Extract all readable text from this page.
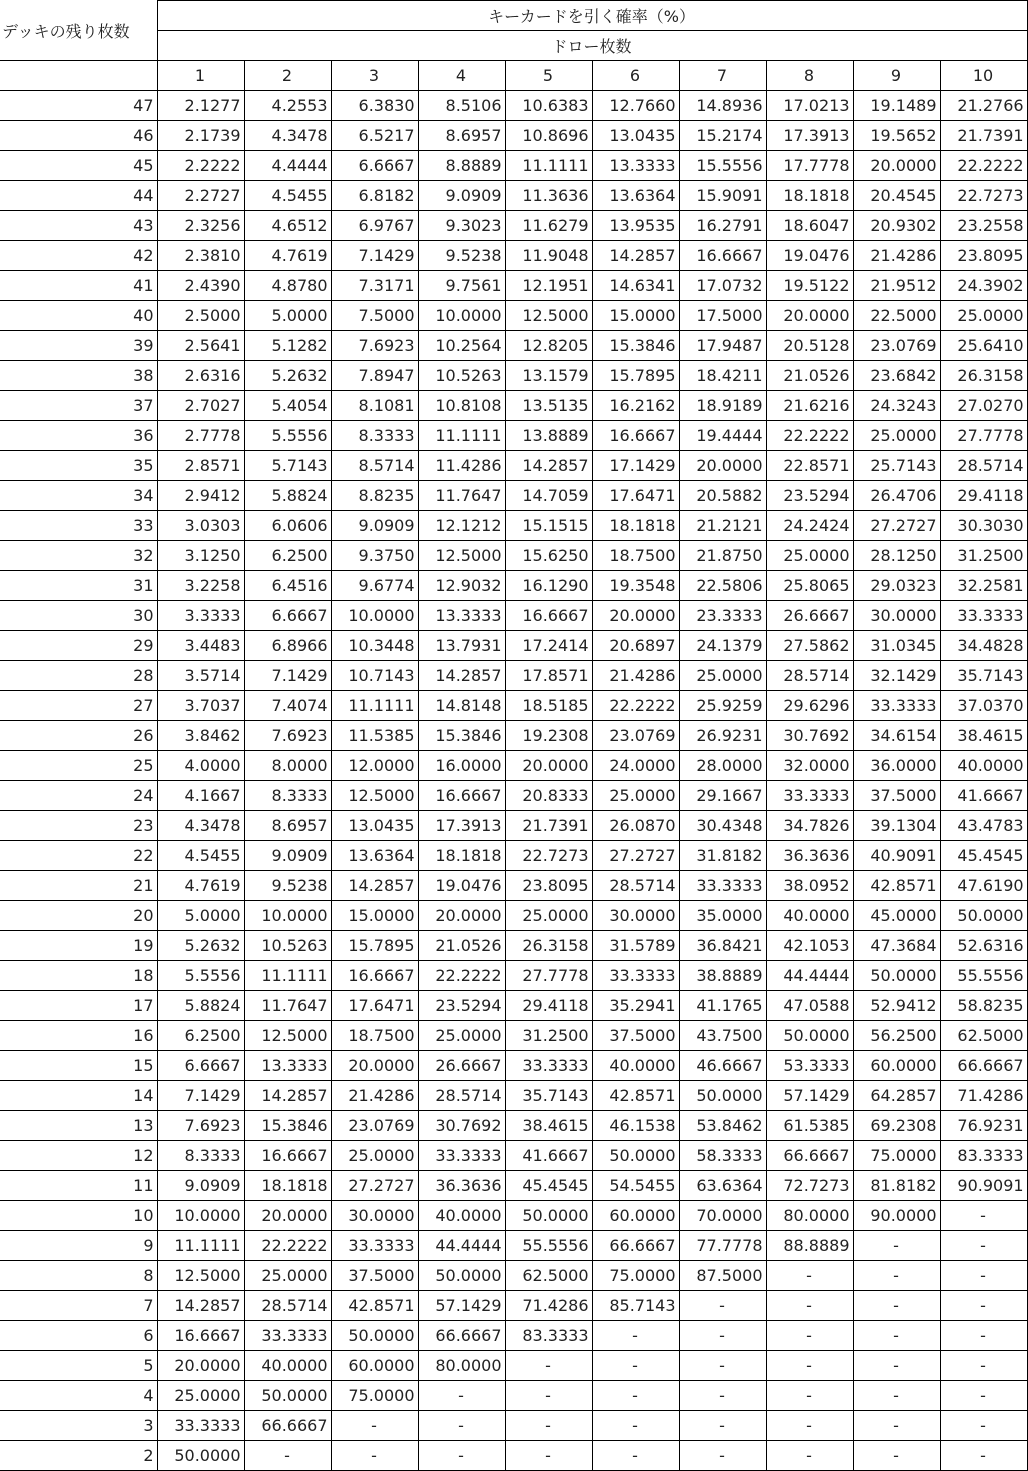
デッキの残り枚数	キーカードを引く確率（%）									
	ドロー枚数									
	1	2	3	4	5	6	7	8	9	10
47	2.1277	4.2553	6.3830	8.5106	10.6383	12.7660	14.8936	17.0213	19.1489	21.2766
46	2.1739	4.3478	6.5217	8.6957	10.8696	13.0435	15.2174	17.3913	19.5652	21.7391
45	2.2222	4.4444	6.6667	8.8889	11.1111	13.3333	15.5556	17.7778	20.0000	22.2222
44	2.2727	4.5455	6.8182	9.0909	11.3636	13.6364	15.9091	18.1818	20.4545	22.7273
43	2.3256	4.6512	6.9767	9.3023	11.6279	13.9535	16.2791	18.6047	20.9302	23.2558
42	2.3810	4.7619	7.1429	9.5238	11.9048	14.2857	16.6667	19.0476	21.4286	23.8095
41	2.4390	4.8780	7.3171	9.7561	12.1951	14.6341	17.0732	19.5122	21.9512	24.3902
40	2.5000	5.0000	7.5000	10.0000	12.5000	15.0000	17.5000	20.0000	22.5000	25.0000
39	2.5641	5.1282	7.6923	10.2564	12.8205	15.3846	17.9487	20.5128	23.0769	25.6410
38	2.6316	5.2632	7.8947	10.5263	13.1579	15.7895	18.4211	21.0526	23.6842	26.3158
37	2.7027	5.4054	8.1081	10.8108	13.5135	16.2162	18.9189	21.6216	24.3243	27.0270
36	2.7778	5.5556	8.3333	11.1111	13.8889	16.6667	19.4444	22.2222	25.0000	27.7778
35	2.8571	5.7143	8.5714	11.4286	14.2857	17.1429	20.0000	22.8571	25.7143	28.5714
34	2.9412	5.8824	8.8235	11.7647	14.7059	17.6471	20.5882	23.5294	26.4706	29.4118
33	3.0303	6.0606	9.0909	12.1212	15.1515	18.1818	21.2121	24.2424	27.2727	30.3030
32	3.1250	6.2500	9.3750	12.5000	15.6250	18.7500	21.8750	25.0000	28.1250	31.2500
31	3.2258	6.4516	9.6774	12.9032	16.1290	19.3548	22.5806	25.8065	29.0323	32.2581
30	3.3333	6.6667	10.0000	13.3333	16.6667	20.0000	23.3333	26.6667	30.0000	33.3333
29	3.4483	6.8966	10.3448	13.7931	17.2414	20.6897	24.1379	27.5862	31.0345	34.4828
28	3.5714	7.1429	10.7143	14.2857	17.8571	21.4286	25.0000	28.5714	32.1429	35.7143
27	3.7037	7.4074	11.1111	14.8148	18.5185	22.2222	25.9259	29.6296	33.3333	37.0370
26	3.8462	7.6923	11.5385	15.3846	19.2308	23.0769	26.9231	30.7692	34.6154	38.4615
25	4.0000	8.0000	12.0000	16.0000	20.0000	24.0000	28.0000	32.0000	36.0000	40.0000
24	4.1667	8.3333	12.5000	16.6667	20.8333	25.0000	29.1667	33.3333	37.5000	41.6667
23	4.3478	8.6957	13.0435	17.3913	21.7391	26.0870	30.4348	34.7826	39.1304	43.4783
22	4.5455	9.0909	13.6364	18.1818	22.7273	27.2727	31.8182	36.3636	40.9091	45.4545
21	4.7619	9.5238	14.2857	19.0476	23.8095	28.5714	33.3333	38.0952	42.8571	47.6190
20	5.0000	10.0000	15.0000	20.0000	25.0000	30.0000	35.0000	40.0000	45.0000	50.0000
19	5.2632	10.5263	15.7895	21.0526	26.3158	31.5789	36.8421	42.1053	47.3684	52.6316
18	5.5556	11.1111	16.6667	22.2222	27.7778	33.3333	38.8889	44.4444	50.0000	55.5556
17	5.8824	11.7647	17.6471	23.5294	29.4118	35.2941	41.1765	47.0588	52.9412	58.8235
16	6.2500	12.5000	18.7500	25.0000	31.2500	37.5000	43.7500	50.0000	56.2500	62.5000
15	6.6667	13.3333	20.0000	26.6667	33.3333	40.0000	46.6667	53.3333	60.0000	66.6667
14	7.1429	14.2857	21.4286	28.5714	35.7143	42.8571	50.0000	57.1429	64.2857	71.4286
13	7.6923	15.3846	23.0769	30.7692	38.4615	46.1538	53.8462	61.5385	69.2308	76.9231
12	8.3333	16.6667	25.0000	33.3333	41.6667	50.0000	58.3333	66.6667	75.0000	83.3333
11	9.0909	18.1818	27.2727	36.3636	45.4545	54.5455	63.6364	72.7273	81.8182	90.9091
10	10.0000	20.0000	30.0000	40.0000	50.0000	60.0000	70.0000	80.0000	90.0000	-
9	11.1111	22.2222	33.3333	44.4444	55.5556	66.6667	77.7778	88.8889	-	-
8	12.5000	25.0000	37.5000	50.0000	62.5000	75.0000	87.5000	-	-	-
7	14.2857	28.5714	42.8571	57.1429	71.4286	85.7143	-	-	-	-
6	16.6667	33.3333	50.0000	66.6667	83.3333	-	-	-	-	-
5	20.0000	40.0000	60.0000	80.0000	-	-	-	-	-	-
4	25.0000	50.0000	75.0000	-	-	-	-	-	-	-
3	33.3333	66.6667	-	-	-	-	-	-	-	-
2	50.0000	-	-	-	-	-	-	-	-	-
